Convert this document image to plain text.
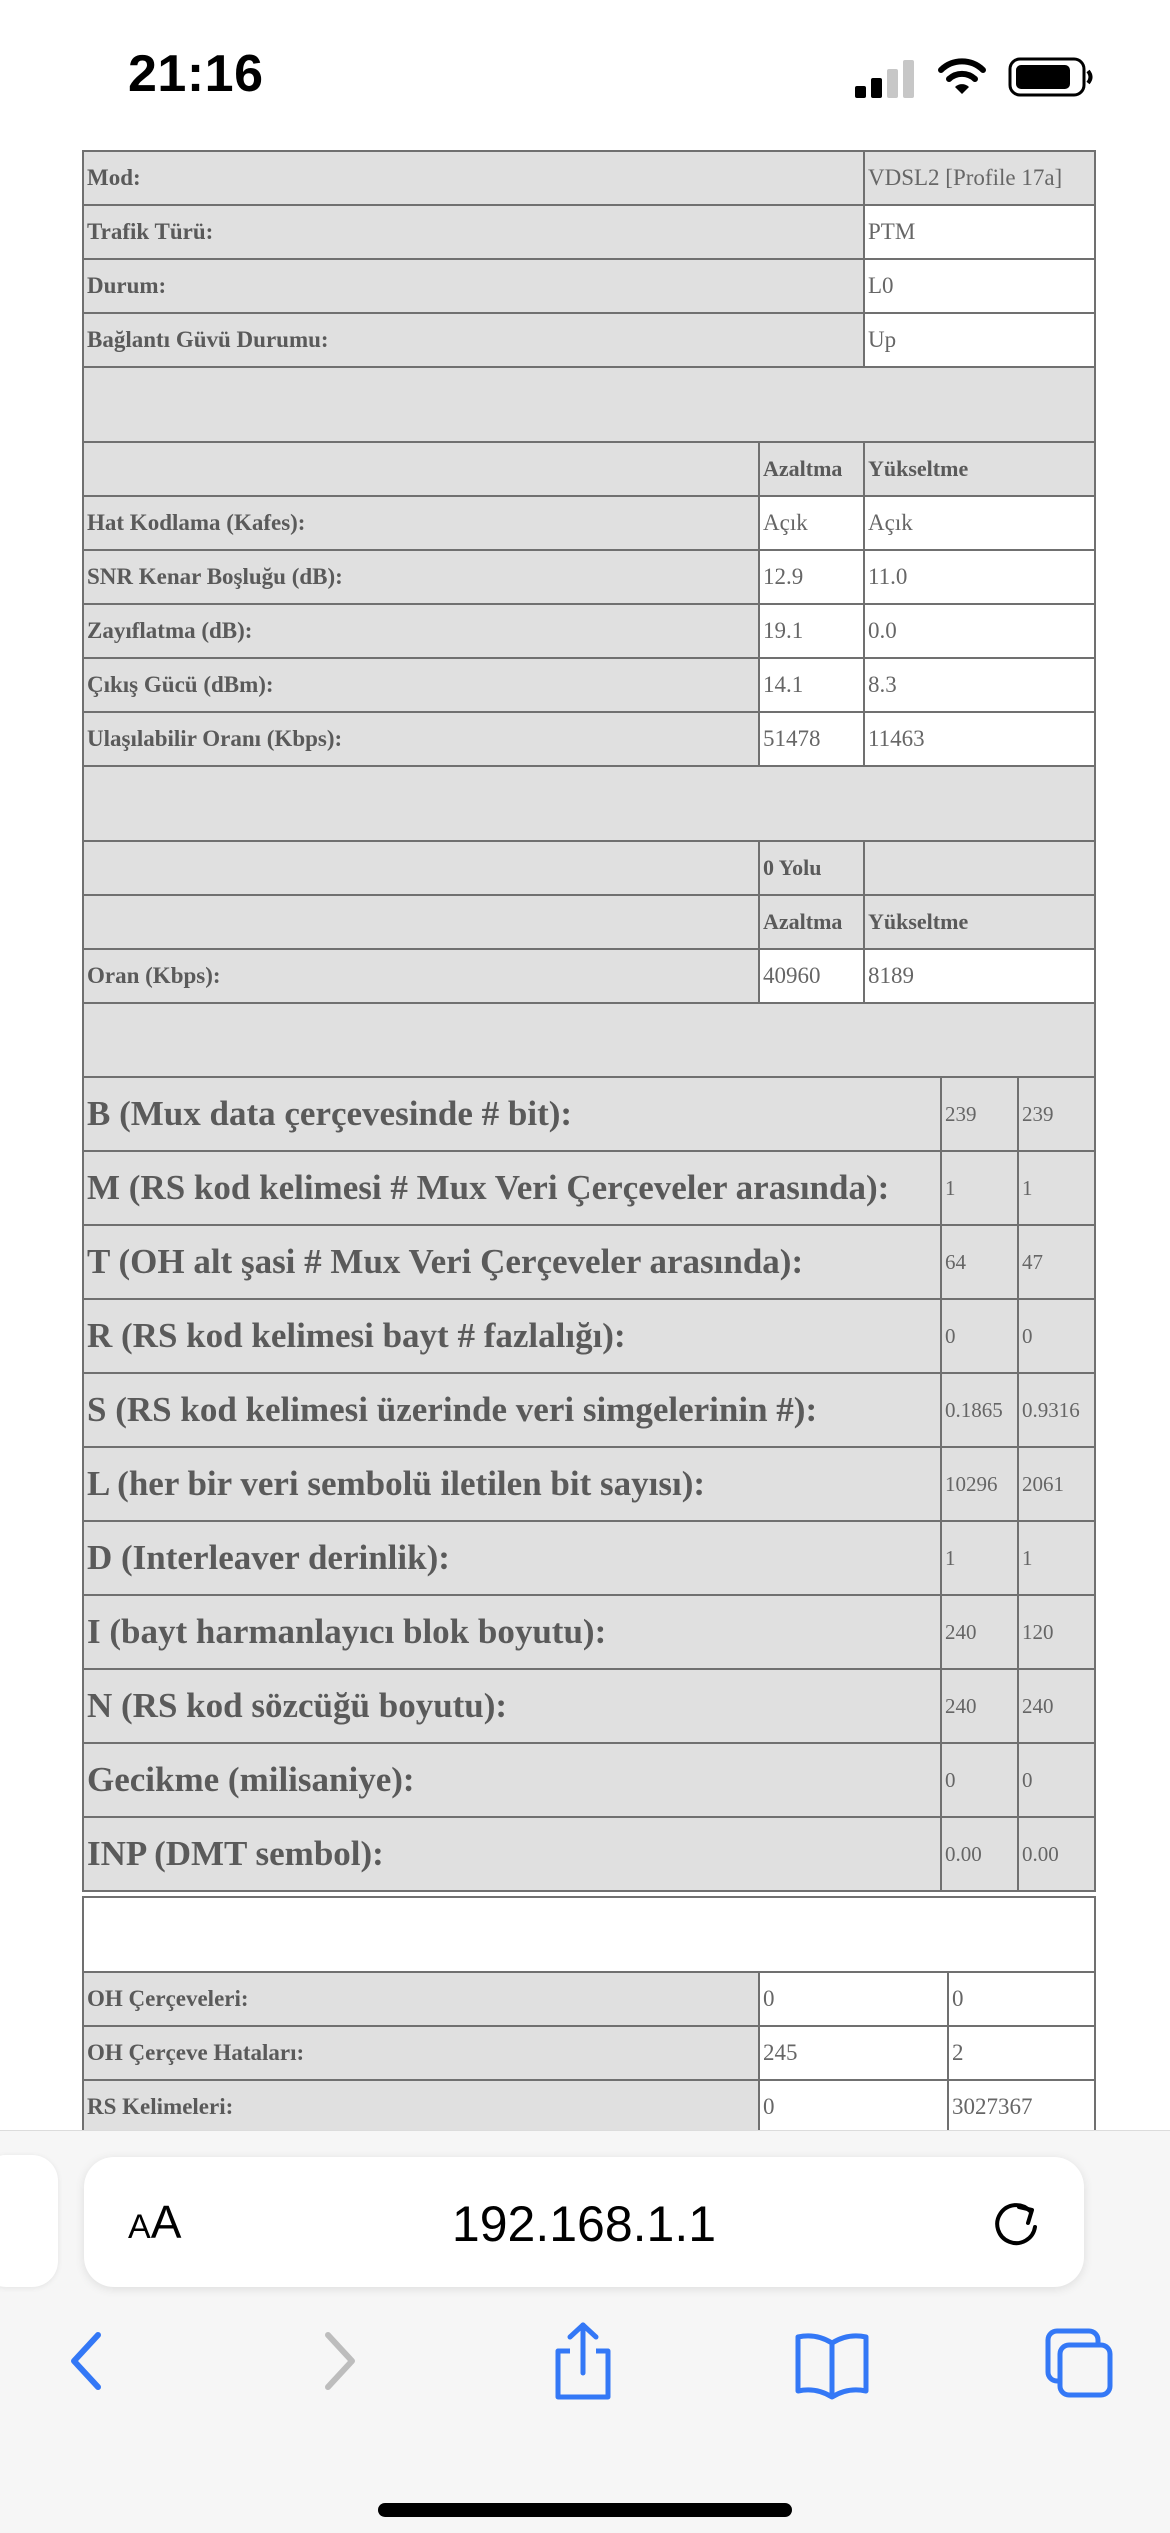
21:16
Mod:	VDSL2 [Profile 17a]
Trafik Türü:	PTM
Durum:	L0
Bağlantı Güvü Durumu:	Up

	Azaltma	Yükseltme
Hat Kodlama (Kafes):	Açık	Açık
SNR Kenar Boşluğu (dB):	12.9	11.0
Zayıflatma (dB):	19.1	0.0
Çıkış Gücü (dBm):	14.1	8.3
Ulaşılabilir Oranı (Kbps):	51478	11463

	0 Yolu	
	Azaltma	Yükseltme
Oran (Kbps):	40960	8189

B (Mux data çerçevesinde # bit):	239	239
M (RS kod kelimesi # Mux Veri Çerçeveler arasında):	1	1
T (OH alt şasi # Mux Veri Çerçeveler arasında):	64	47
R (RS kod kelimesi bayt # fazlalığı):	0	0
S (RS kod kelimesi üzerinde veri simgelerinin #):	0.1865	0.9316
L (her bir veri sembolü iletilen bit sayısı):	10296	2061
D (Interleaver derinlik):	1	1
I (bayt harmanlayıcı blok boyutu):	240	120
N (RS kod sözcüğü boyutu):	240	240
Gecikme (milisaniye):	0	0
INP (DMT sembol):	0.00	0.00

OH Çerçeveleri:	0	0
OH Çerçeve Hataları:	245	2
RS Kelimeleri:	0	3027367
AA	192.168.1.1
